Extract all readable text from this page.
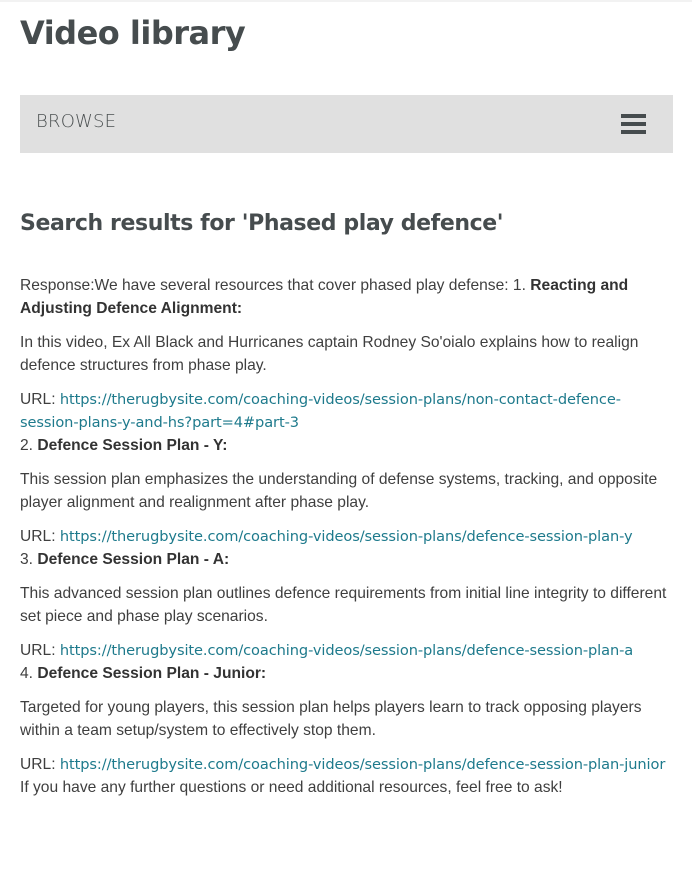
Video library
BROWSE
Search results for 'Phased play defence'

Response:We have several resources that cover phased play defense: 1. Reacting and Adjusting Defence Alignment:

In this video, Ex All Black and Hurricanes captain Rodney So'oialo explains how to realign defence structures from phase play.

URL: https://therugbysite.com/coaching-videos/session-plans/non-contact-defence-session-plans-y-and-hs?part=4#part-3

2. Defence Session Plan - Y:

This session plan emphasizes the understanding of defense systems, tracking, and opposite player alignment and realignment after phase play.

URL: https://therugbysite.com/coaching-videos/session-plans/defence-session-plan-y

3. Defence Session Plan - A:

This advanced session plan outlines defence requirements from initial line integrity to different set piece and phase play scenarios.

URL: https://therugbysite.com/coaching-videos/session-plans/defence-session-plan-a

4. Defence Session Plan - Junior:

Targeted for young players, this session plan helps players learn to track opposing players within a team setup/system to effectively stop them.

URL: https://therugbysite.com/coaching-videos/session-plans/defence-session-plan-junior

If you have any further questions or need additional resources, feel free to ask!
